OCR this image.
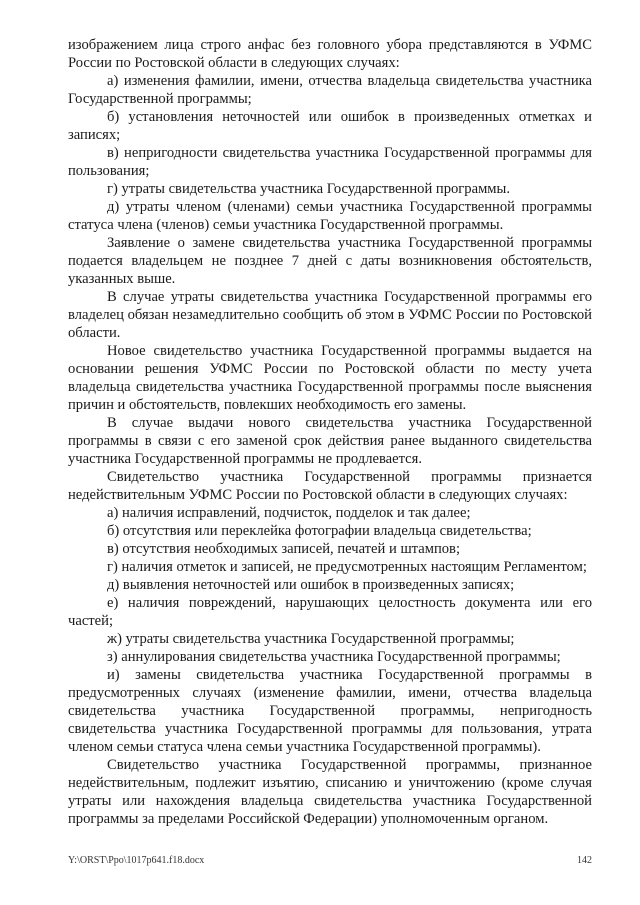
изображением лица строго анфас без головного убора представляются в УФМС России по Ростовской области в следующих случаях:

а) изменения фамилии, имени, отчества владельца свидетельства участника Государственной программы;

б) установления неточностей или ошибок в произведенных отметках и записях;

в) непригодности свидетельства участника Государственной программы для пользования;

г) утраты свидетельства участника Государственной программы.

д) утраты членом (членами) семьи участника Государственной программы статуса члена (членов) семьи участника Государственной программы.

Заявление о замене свидетельства участника Государственной программы подается владельцем не позднее 7 дней с даты возникновения обстоятельств, указанных выше.

В случае утраты свидетельства участника Государственной программы его владелец обязан незамедлительно сообщить об этом в УФМС России по Ростовской области.

Новое свидетельство участника Государственной программы выдается на основании решения УФМС России по Ростовской области по месту учета владельца свидетельства участника Государственной программы после выяснения причин и обстоятельств, повлекших необходимость его замены.

В случае выдачи нового свидетельства участника Государственной программы в связи с его заменой срок действия ранее выданного свидетельства участника Государственной программы не продлевается.

Свидетельство участника Государственной программы признается недействительным УФМС России по Ростовской области в следующих случаях:

а) наличия исправлений, подчисток, подделок и так далее;

б) отсутствия или переклейка фотографии владельца свидетельства;

в) отсутствия необходимых записей, печатей и штампов;

г) наличия отметок и записей, не предусмотренных настоящим Регламентом;

д) выявления неточностей или ошибок в произведенных записях;

е) наличия повреждений, нарушающих целостность документа или его частей;

ж) утраты свидетельства участника Государственной программы;

з) аннулирования свидетельства участника Государственной программы;

и) замены свидетельства участника Государственной программы в предусмотренных случаях (изменение фамилии, имени, отчества владельца свидетельства участника Государственной программы, непригодность свидетельства участника Государственной программы для пользования, утрата членом семьи статуса члена семьи участника Государственной программы).

Свидетельство участника Государственной программы, признанное недействительным, подлежит изъятию, списанию и уничтожению (кроме случая утраты или нахождения владельца свидетельства участника Государственной программы за пределами Российской Федерации) уполномоченным органом.

Y:\ORST\Ppo\1017p641.f18.docx	142
